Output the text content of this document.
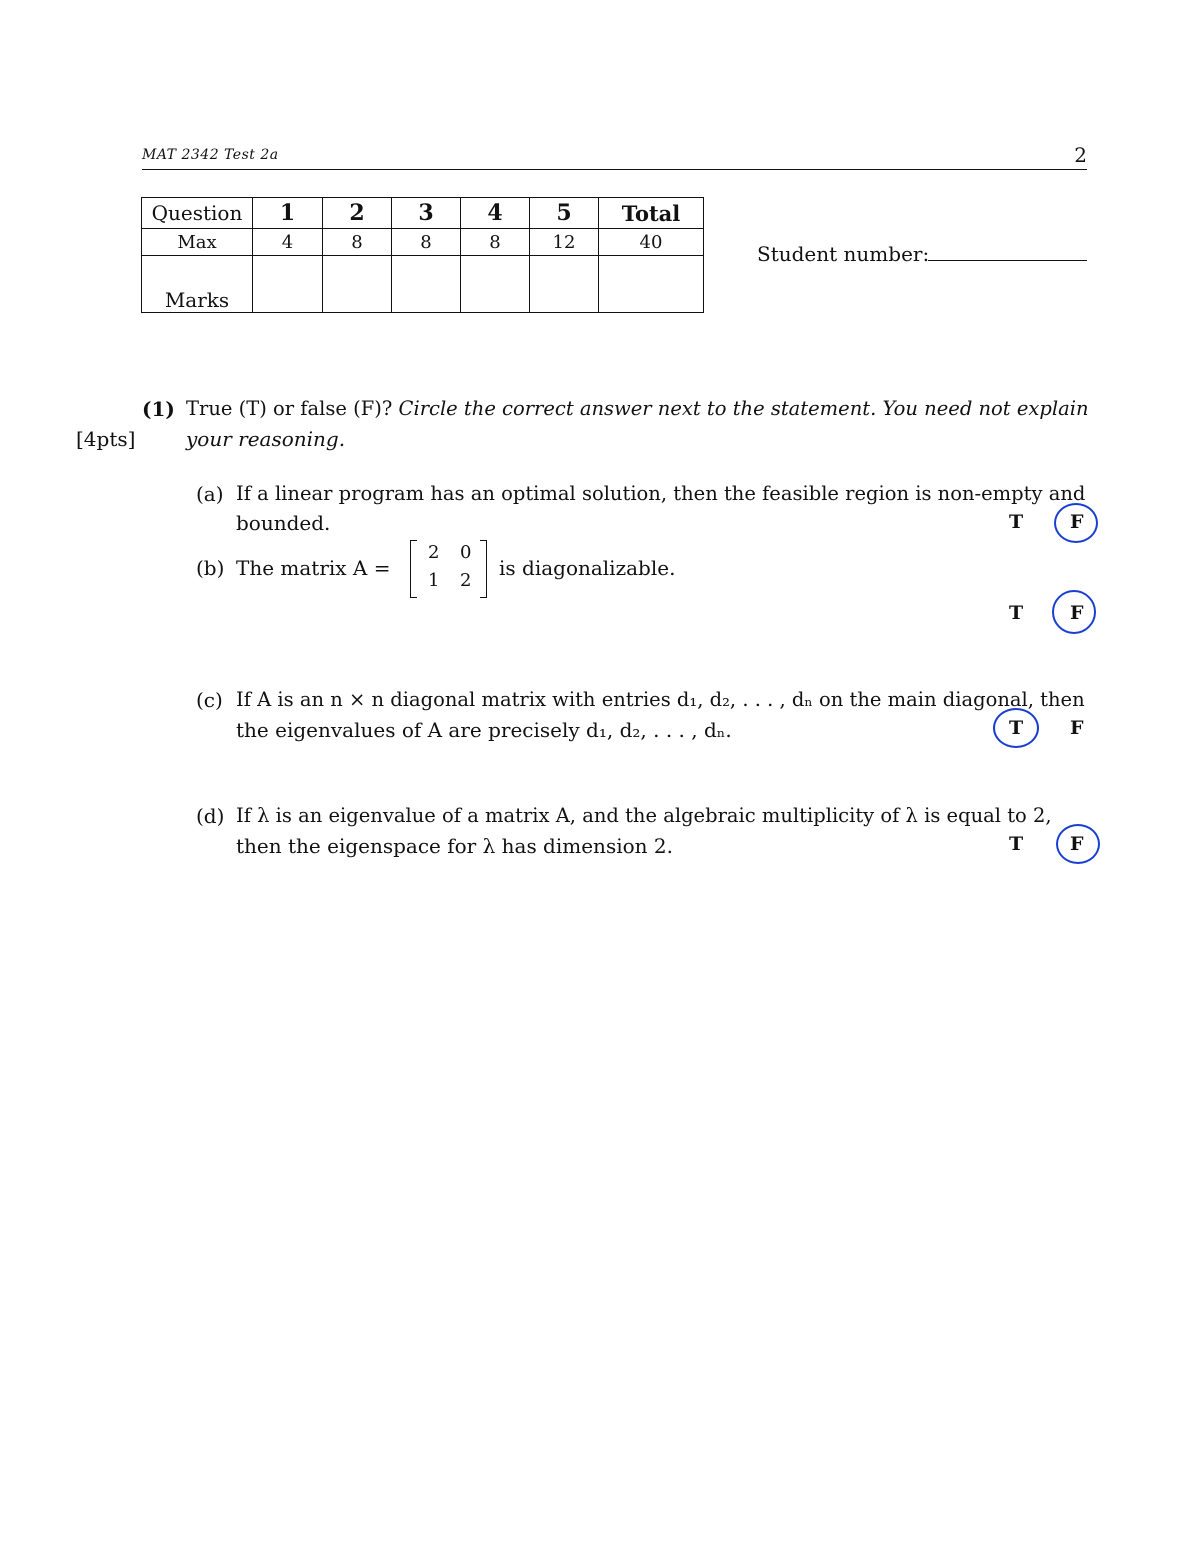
MAT 2342 Test 2a	2
Question	1	2	3	4	5	Total
Max	4	8	8	8	12	40
Marks						
Student number:
(1) True (T) or false (F)? Circle the correct answer next to the statement. You need not explain
[4pts]	your reasoning.
(a) If a linear program has an optimal solution, then the feasible region is non-empty and
bounded.	T F
(b) The matrix A =
2 0
1 2
is diagonalizable.
T F
(c) If A is an n × n diagonal matrix with entries d₁, d₂, . . . , dₙ on the main diagonal, then
the eigenvalues of A are precisely d₁, d₂, . . . , dₙ.	T F
(d) If λ is an eigenvalue of a matrix A, and the algebraic multiplicity of λ is equal to 2,
then the eigenspace for λ has dimension 2.	T F
